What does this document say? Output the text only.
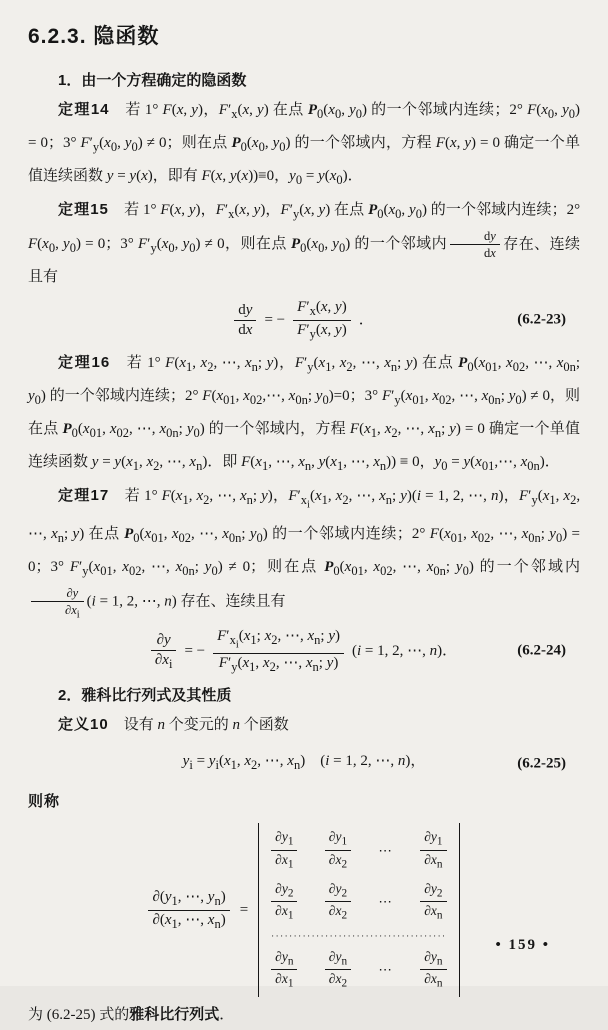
6.2.3. 隐函数

1．由一个方程确定的隐函数

定理14　若 1° F(x, y)，$F'_x(x$, y) 在点 $P_0(x_0$, $y_0$) 的一个邻域内连续；2° $F(x_0$, $y_0) = 0$；3° $F'_y(x_0$, $y_0) \ne 0$；则在点 $P_0(x_0$, $y_0$) 的一个邻域内，方程 F(x, y) = 0 确定一个单值连续函数 y = y(x)，即有 F(x, y(x))≡0，$y_0 = y(x_0)$．

定理15　若 1° F(x, y)，$F'_x(x$, y)，$F'_y(x$, y) 在点 $P_0(x_0$, $y_0$) 的一个邻域内连续；2° $F(x_0$, $y_0) = 0$；3° $F'_y(x_0$, $y_0) \ne 0$，则在点 $P_0(x_0$, $y_0$) 的一个邻域内 $\frac{dy}{dx}$ 存在、连续且有

$\frac{dy}{dx}$ = − $\frac{F'_x(x, y)}{F'_y(x, y)}$ ．	(6.2-23)

定理16　若 1° $F(x_1$, $x_2$, ⋯, $x_n$; y)，$F'_y(x_1$, $x_2$, ⋯, $x_n$; y) 在点 $P_0(x_{01}$, $x_{02}$, ⋯, $x_{0n}$; $y_0$) 的一个邻域内连续；2° $F(x_{01}$, $x_{02},\cdots$, $x_{0n}$; $y_0)=0$；3° $F'_y(x_{01}$, $x_{02}$, ⋯, $x_{0n}$; $y_0) \ne 0$，则在点 $P_0(x_{01}$, $x_{02}$, ⋯, $x_{0n}$; $y_0$) 的一个邻域内，方程 $F(x_1$, $x_2$, ⋯, $x_n$; y) = 0 确定一个单值连续函数 $y = y(x_1$, $x_2$, ⋯, $x_n$)．即 $F(x_1$, ⋯, $x_n$, $y(x_1$, ⋯, $x_n)) \equiv 0$，$y_0$ = $y(x_{01},\cdots$, $x_{0n}$)．

定理17　若 1° $F(x_1$, $x_2$, ⋯, $x_n$; y)，$F'_{x_i}(x_1$, $x_2$, ⋯, $x_n$; y)(i = 1, 2, ⋯, n)，$F'_y(x_1$, $x_2$, ⋯, $x_n$; y) 在点 $P_0(x_{01}$, $x_{02}$, ⋯, $x_{0n}$; $y_0$) 的一个邻域内连续；2° $F(x_{01}$, $x_{02}$, ⋯, $x_{0n}$; $y_0) = 0$；3° $F'_y(x_{01}$, $x_{02}$, ⋯, $x_{0n}$; $y_0) \ne 0$；则在点 $P_0(x_{01}$, $x_{02}$, ⋯, $x_{0n}$; $y_0$) 的一个邻域内
$\frac{\partial y}{\partial x_i} (i = 1$, 2, ⋯, n) 存在、连续且有

$\frac{\partial y}{\partial x_i}$ = − $\frac{F'_{x_i}(x_1; x_2, \cdots, x_n; y)}{F'_y(x_1, x_2, \cdots, x_n; y)} (i = 1$, 2, ⋯, n)．	(6.2-24)

2．雅科比行列式及其性质

定义10　设有 n 个变元的 n 个函数

$y_i = y_i(x_1$, $x_2$, ⋯, $x_n$)　(i = 1, 2, ⋯, n)，	(6.2-25)

则称

$\frac{\partial(y_1, \cdots, y_n)}{\partial(x_1, \cdots, x_n)}$ =
$\frac{\partial y_1}{\partial x_1} \frac{\partial y_1}{\partial x_2}$ ⋯ $\frac{\partial y_1}{\partial x_n}$
$\frac{\partial y_2}{\partial x_1} \frac{\partial y_2}{\partial x_2}$ ⋯ $\frac{\partial y_2}{\partial x_n}$
·······································
$\frac{\partial y_n}{\partial x_1} \frac{\partial y_n}{\partial x_2}$ ⋯ $\frac{\partial y_n}{\partial x_n}$

为 (6.2-25) 式的雅科比行列式．

• 159 •
